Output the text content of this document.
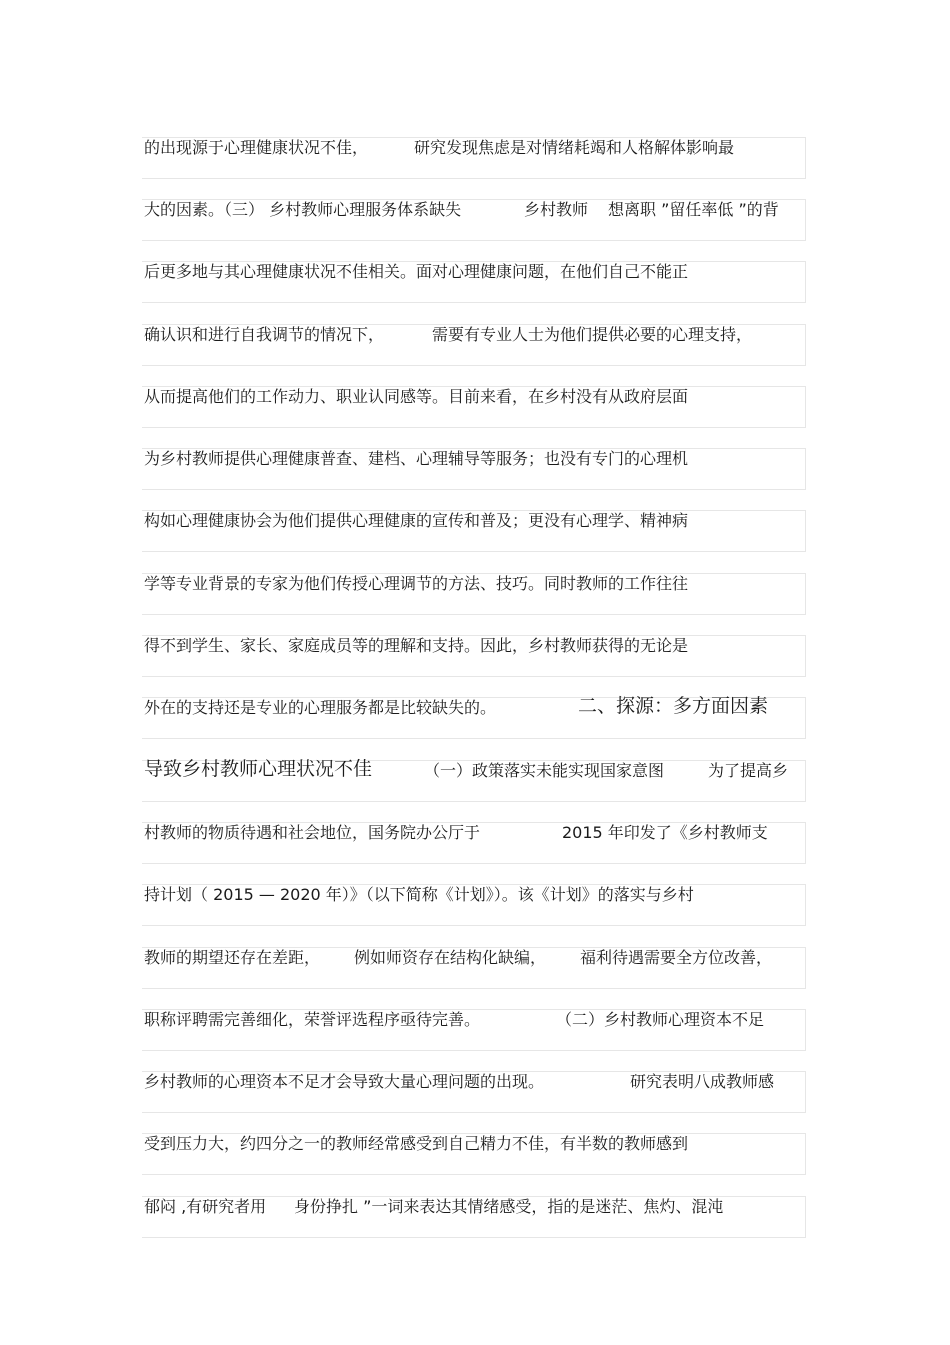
的出现源于心理健康状况不佳，	研究发现焦虑是对情绪耗竭和人格解体影响最
大的因素。（三） 乡村教师心理服务体系缺失	乡村教师 想离职 ”留任率低 ”的背
后更多地与其心理健康状况不佳相关。面对心理健康问题，在他们自己不能正
确认识和进行自我调节的情况下，	需要有专业人士为他们提供必要的心理支持，
从而提高他们的工作动力、职业认同感等。目前来看，在乡村没有从政府层面
为乡村教师提供心理健康普查、建档、心理辅导等服务；也没有专门的心理机
构如心理健康协会为他们提供心理健康的宣传和普及；更没有心理学、精神病
学等专业背景的专家为他们传授心理调节的方法、技巧。同时教师的工作往往
得不到学生、家长、家庭成员等的理解和支持。因此，乡村教师获得的无论是
外在的支持还是专业的心理服务都是比较缺失的。	二、探源：多方面因素
导致乡村教师心理状况不佳	（一）政策落实未能实现国家意图	为了提高乡
村教师的物质待遇和社会地位，国务院办公厅于	2015 年印发了《乡村教师支
持计划（ 2015 — 2020 年）》（以下简称《计划》）。该《计划》的落实与乡村
教师的期望还存在差距， 例如师资存在结构化缺编， 福利待遇需要全方位改善，
职称评聘需完善细化，荣誉评选程序亟待完善。	（二）乡村教师心理资本不足
乡村教师的心理资本不足才会导致大量心理问题的出现。	研究表明八成教师感
受到压力大，约四分之一的教师经常感受到自己精力不佳，有半数的教师感到
郁闷 ,有研究者用 身份挣扎 ”一词来表达其情绪感受，指的是迷茫、焦灼、混沌
